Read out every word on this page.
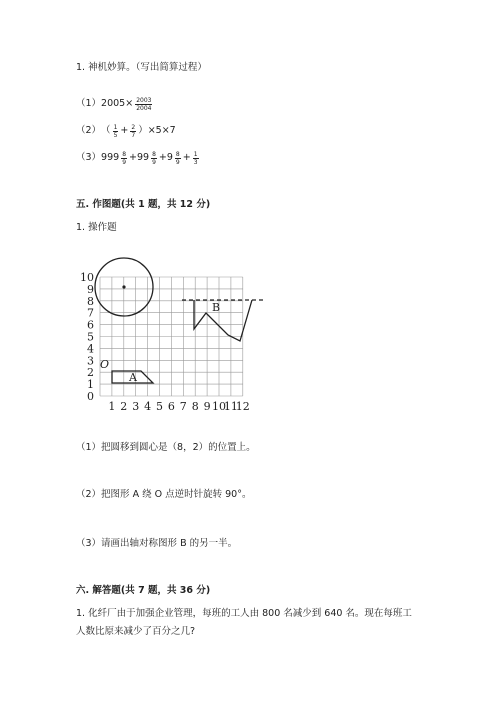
1. 神机妙算。（写出简算过程）
（1） $2005\times \frac{2003}{2004}$
（2） （ $\frac{1}{5} + \frac{2}{7} )\times 5\times 7$
（3） $999 \frac{8}{9} +99 \frac{8}{9} +9 \frac{8}{9} + \frac{1}{3}$
五. 作图题(共 1 题，共 12 分)
1. 操作题
0
1
2
3
4
5
6
7
8
9
10
1 2 3 4 5 6 7 8 9 10
11
12
A
O
B
（1）把圆移到圆心是（8，2）的位置上。
（2）把图形 A 绕 O 点逆时针旋转 90°。
（3）请画出轴对称图形 B 的另一半。
六. 解答题(共 7 题，共 36 分)
1. 化纤厂由于加强企业管理，每班的工人由 800 名减少到 640 名。现在每班工
人数比原来减少了百分之几?
